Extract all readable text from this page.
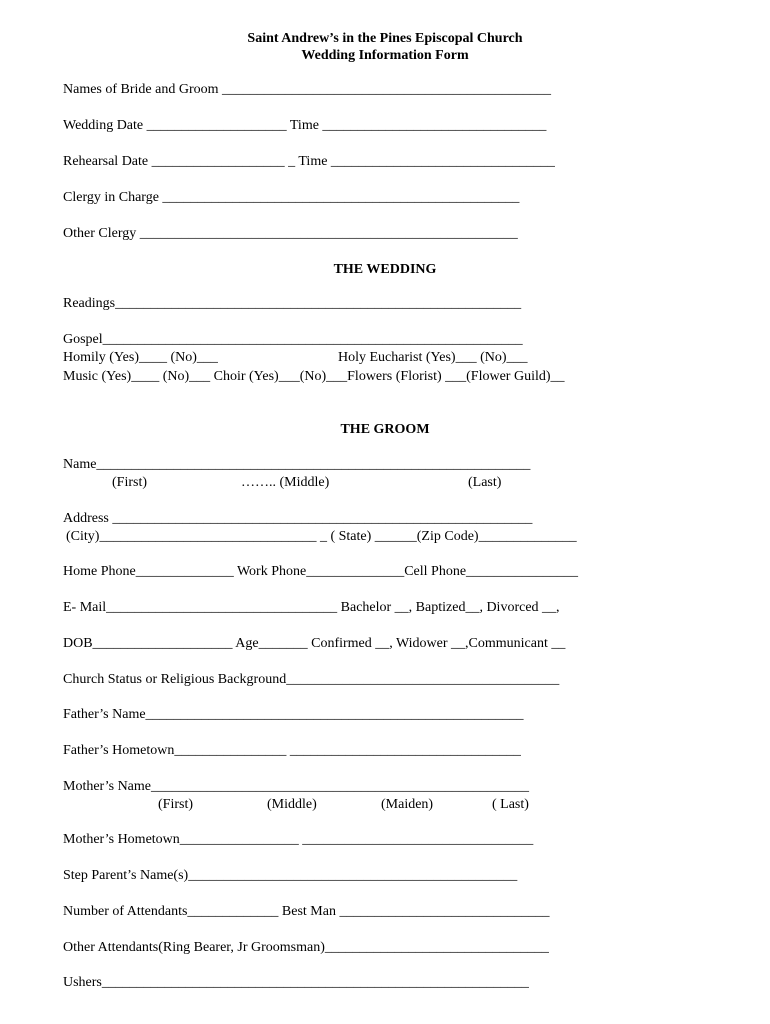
Saint Andrew’s in the Pines Episcopal Church
Wedding Information Form
Names of Bride and Groom _______________________________________________
Wedding Date ____________________ Time ________________________________
Rehearsal Date ___________________ _ Time ________________________________
Clergy in Charge ___________________________________________________
Other Clergy ______________________________________________________
THE WEDDING
Readings__________________________________________________________
Gospel____________________________________________________________
Homily (Yes)____ (No)___	Holy Eucharist (Yes)___ (No)___
Music (Yes)____ (No)___ Choir (Yes)___(No)___Flowers (Florist) ___(Flower Guild)__
THE GROOM
Name______________________________________________________________
(First)	…….. (Middle)	(Last)
Address ____________________________________________________________
(City)_______________________________ _ ( State) ______(Zip Code)______________
Home Phone______________ Work Phone______________Cell Phone________________
E- Mail_________________________________ Bachelor __, Baptized__, Divorced __,
DOB____________________ Age_______ Confirmed __, Widower __,Communicant __
Church Status or Religious Background_______________________________________
Father’s Name______________________________________________________
Father’s Hometown________________ _________________________________
Mother’s Name______________________________________________________
(First)	(Middle)	(Maiden)	( Last)
Mother’s Hometown_________________ _________________________________
Step Parent’s Name(s)_______________________________________________
Number of Attendants_____________ Best Man ______________________________
Other Attendants(Ring Bearer, Jr Groomsman)________________________________
Ushers_____________________________________________________________
